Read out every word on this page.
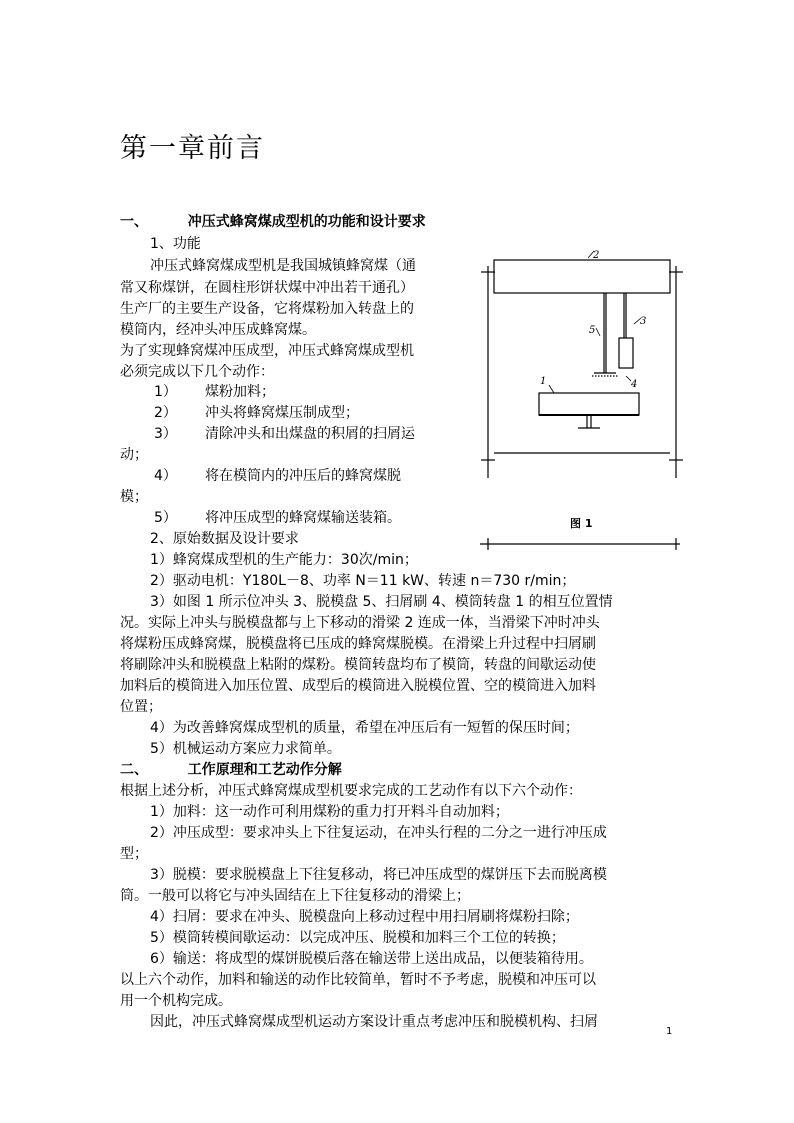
第一章前言
一、	冲压式蜂窝煤成型机的功能和设计要求
1、功能
冲压式蜂窝煤成型机是我国城镇蜂窝煤（通
常又称煤饼，在圆柱形饼状煤中冲出若干通孔）
生产厂的主要生产设备，它将煤粉加入转盘上的
模筒内，经冲头冲压成蜂窝煤。
为了实现蜂窝煤冲压成型，冲压式蜂窝煤成型机
必须完成以下几个动作：
1） 煤粉加料；
2） 冲头将蜂窝煤压制成型；
3） 清除冲头和出煤盘的积屑的扫屑运
动；
4） 将在模筒内的冲压后的蜂窝煤脱
模；
5） 将冲压成型的蜂窝煤输送装箱。
2、原始数据及设计要求
1）蜂窝煤成型机的生产能力：30次/min；
2）驱动电机：Y180L－8、功率 N＝11 kW、转速 n＝730 r/min；
3）如图 1 所示位冲头 3、脱模盘 5、扫屑刷 4、模筒转盘 1 的相互位置情
况。实际上冲头与脱模盘都与上下移动的滑梁 2 连成一体，当滑梁下冲时冲头
将煤粉压成蜂窝煤，脱模盘将已压成的蜂窝煤脱模。在滑梁上升过程中扫屑刷
将刷除冲头和脱模盘上粘附的煤粉。模筒转盘均布了模筒，转盘的间歇运动使
加料后的模筒进入加压位置、成型后的模筒进入脱模位置、空的模筒进入加料
位置；
4）为改善蜂窝煤成型机的质量，希望在冲压后有一短暂的保压时间；
5）机械运动方案应力求简单。
二、	工作原理和工艺动作分解
根据上述分析，冲压式蜂窝煤成型机要求完成的工艺动作有以下六个动作：
1）加料：这一动作可利用煤粉的重力打开料斗自动加料；
2）冲压成型：要求冲头上下往复运动，在冲头行程的二分之一进行冲压成
型；
3）脱模：要求脱模盘上下往复移动，将已冲压成型的煤饼压下去而脱离模
筒。一般可以将它与冲头固结在上下往复移动的滑梁上；
4）扫屑：要求在冲头、脱模盘向上移动过程中用扫屑刷将煤粉扫除；
5）模筒转模间歇运动：以完成冲压、脱模和加料三个工位的转换；
6）输送：将成型的煤饼脱模后落在输送带上送出成品，以便装箱待用。
以上六个动作，加料和输送的动作比较简单，暂时不予考虑，脱模和冲压可以
用一个机构完成。
因此，冲压式蜂窝煤成型机运动方案设计重点考虑冲压和脱模机构、扫屑
2
3
5
1	4
图 1
1
